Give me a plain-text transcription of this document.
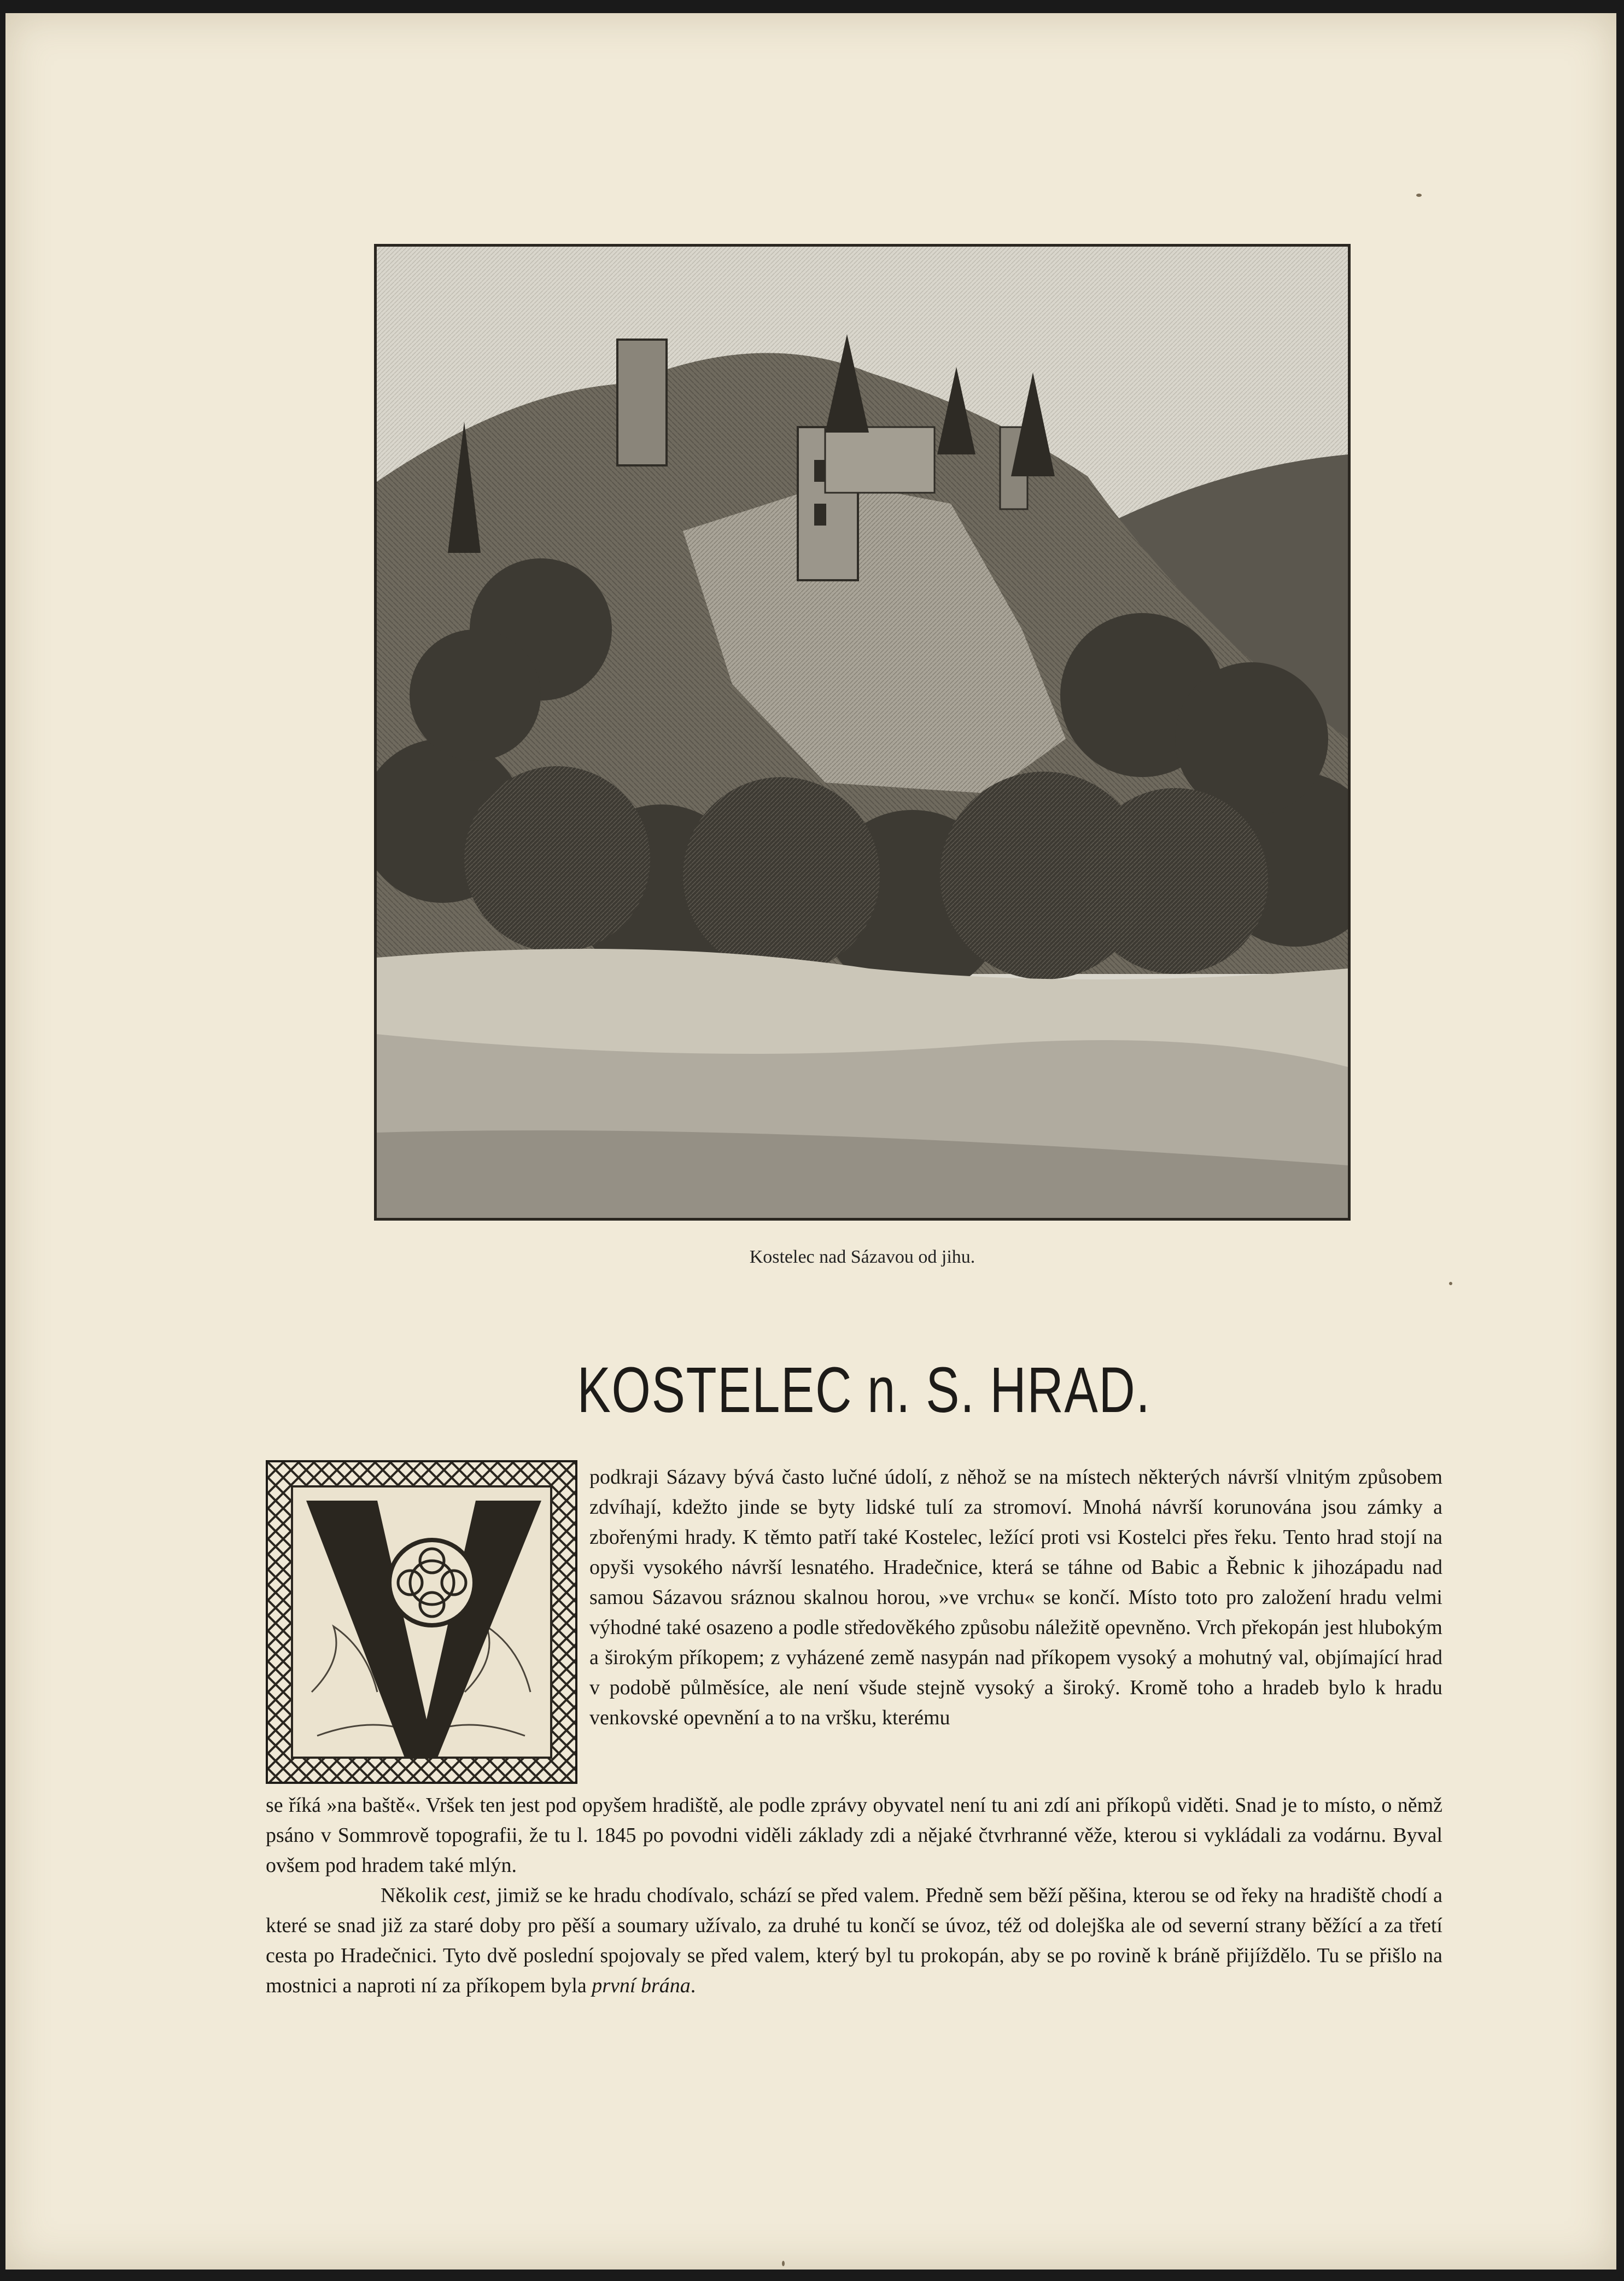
Kostelec nad Sázavou od jihu.
KOSTELEC n. S. HRAD.

podkraji Sázavy bývá často lučné údolí, z něhož se na místech některých návrší vlnitým způsobem zdvíhají, kdežto jinde se byty lidské tulí za stromoví. Mnohá návrší korunována jsou zámky a zbořenými hrady. K těmto patří také Kostelec, ležící proti vsi Kostelci přes řeku. Tento hrad stojí na opyši vysokého návrší lesnatého. Hradečnice, která se táhne od Babic a Řebnic k jihozápadu nad samou Sázavou sráznou skalnou horou, »ve vrchu« se končí. Místo toto pro založení hradu velmi výhodné také osazeno a podle středověkého způsobu náležitě opevněno. Vrch překopán jest hlubokým a širokým příkopem; z vyházené země nasypán nad příkopem vysoký a mohutný val, objímající hrad v podobě půlměsíce, ale není všude stejně vysoký a široký. Kromě toho a hradeb bylo k hradu venkovské opevnění a to na vršku, kterému

se říká »na baště«. Vršek ten jest pod opyšem hradiště, ale podle zprávy obyvatel není tu ani zdí ani příkopů viděti. Snad je to místo, o němž psáno v Sommrově topografii, že tu l. 1845 po povodni viděli základy zdi a nějaké čtvrhranné věže, kterou si vykládali za vodárnu. Byval ovšem pod hradem také mlýn.

Několik cest, jimiž se ke hradu chodívalo, schází se před valem. Předně sem běží pěšina, kterou se od řeky na hradiště chodí a které se snad již za staré doby pro pěší a soumary užívalo, za druhé tu končí se úvoz, též od dolejška ale od severní strany běžící a za třetí cesta po Hradečnici. Tyto dvě poslední spojovaly se před valem, který byl tu prokopán, aby se po rovině k bráně přijíždělo. Tu se přišlo na mostnici a naproti ní za příkopem byla první brána.
